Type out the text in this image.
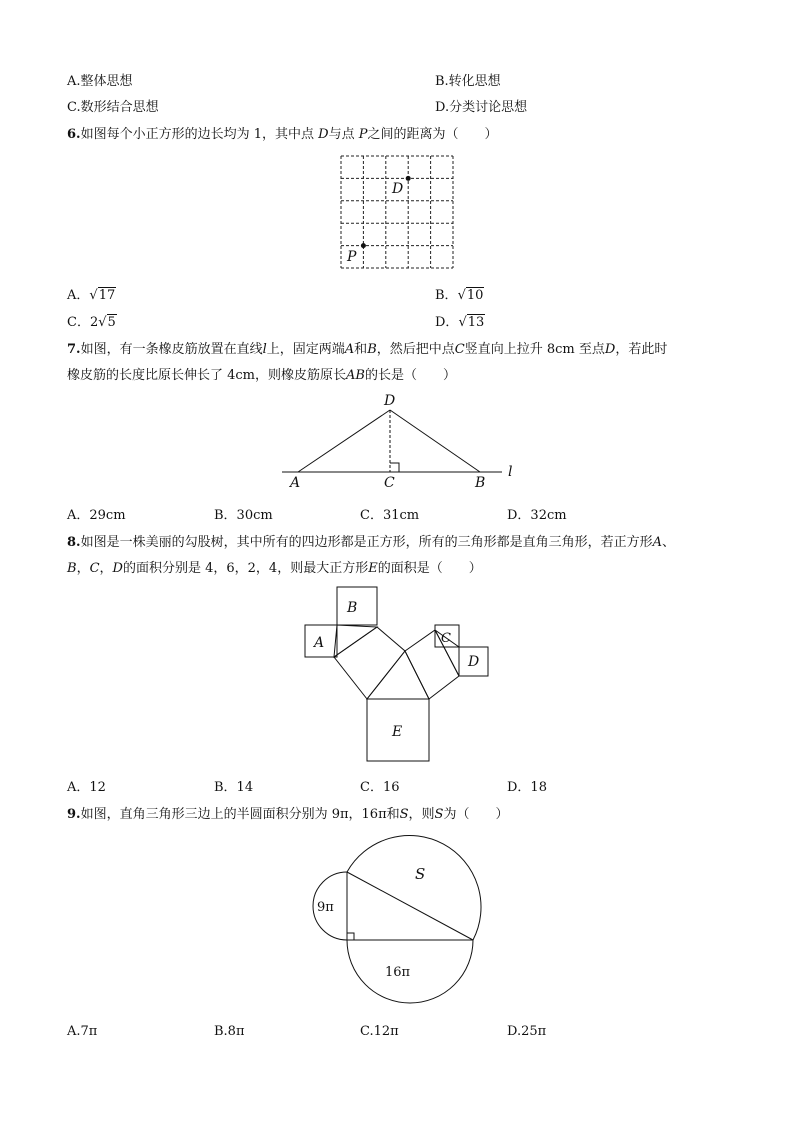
A.整体思想	B.转化思想
C.数形结合思想	D.分类讨论思想
6.如图每个小正方形的边长均为 1，其中点 D与点 P之间的距离为（　　）
D
P
A．√17	B．√10
C．2√5	D．√13
7.如图，有一条橡皮筋放置在直线l上，固定两端A和B，然后把中点C竖直向上拉升 8cm 至点D，若此时
橡皮筋的长度比原长伸长了 4cm，则橡皮筋原长AB的长是（　　）
D
A	C	B
l
A．29cm	B．30cm	C．31cm	D．32cm
8.如图是一株美丽的勾股树，其中所有的四边形都是正方形，所有的三角形都是直角三角形，若正方形A、
B，C，D的面积分别是 4，6，2，4，则最大正方形E的面积是（　　）
A
B
C
D
E
A．12	B．14	C．16	D．18
9.如图，直角三角形三边上的半圆面积分别为 9π，16π和S，则S为（　　）
S
9π
16π
A.7π	B.8π	C.12π	D.25π
